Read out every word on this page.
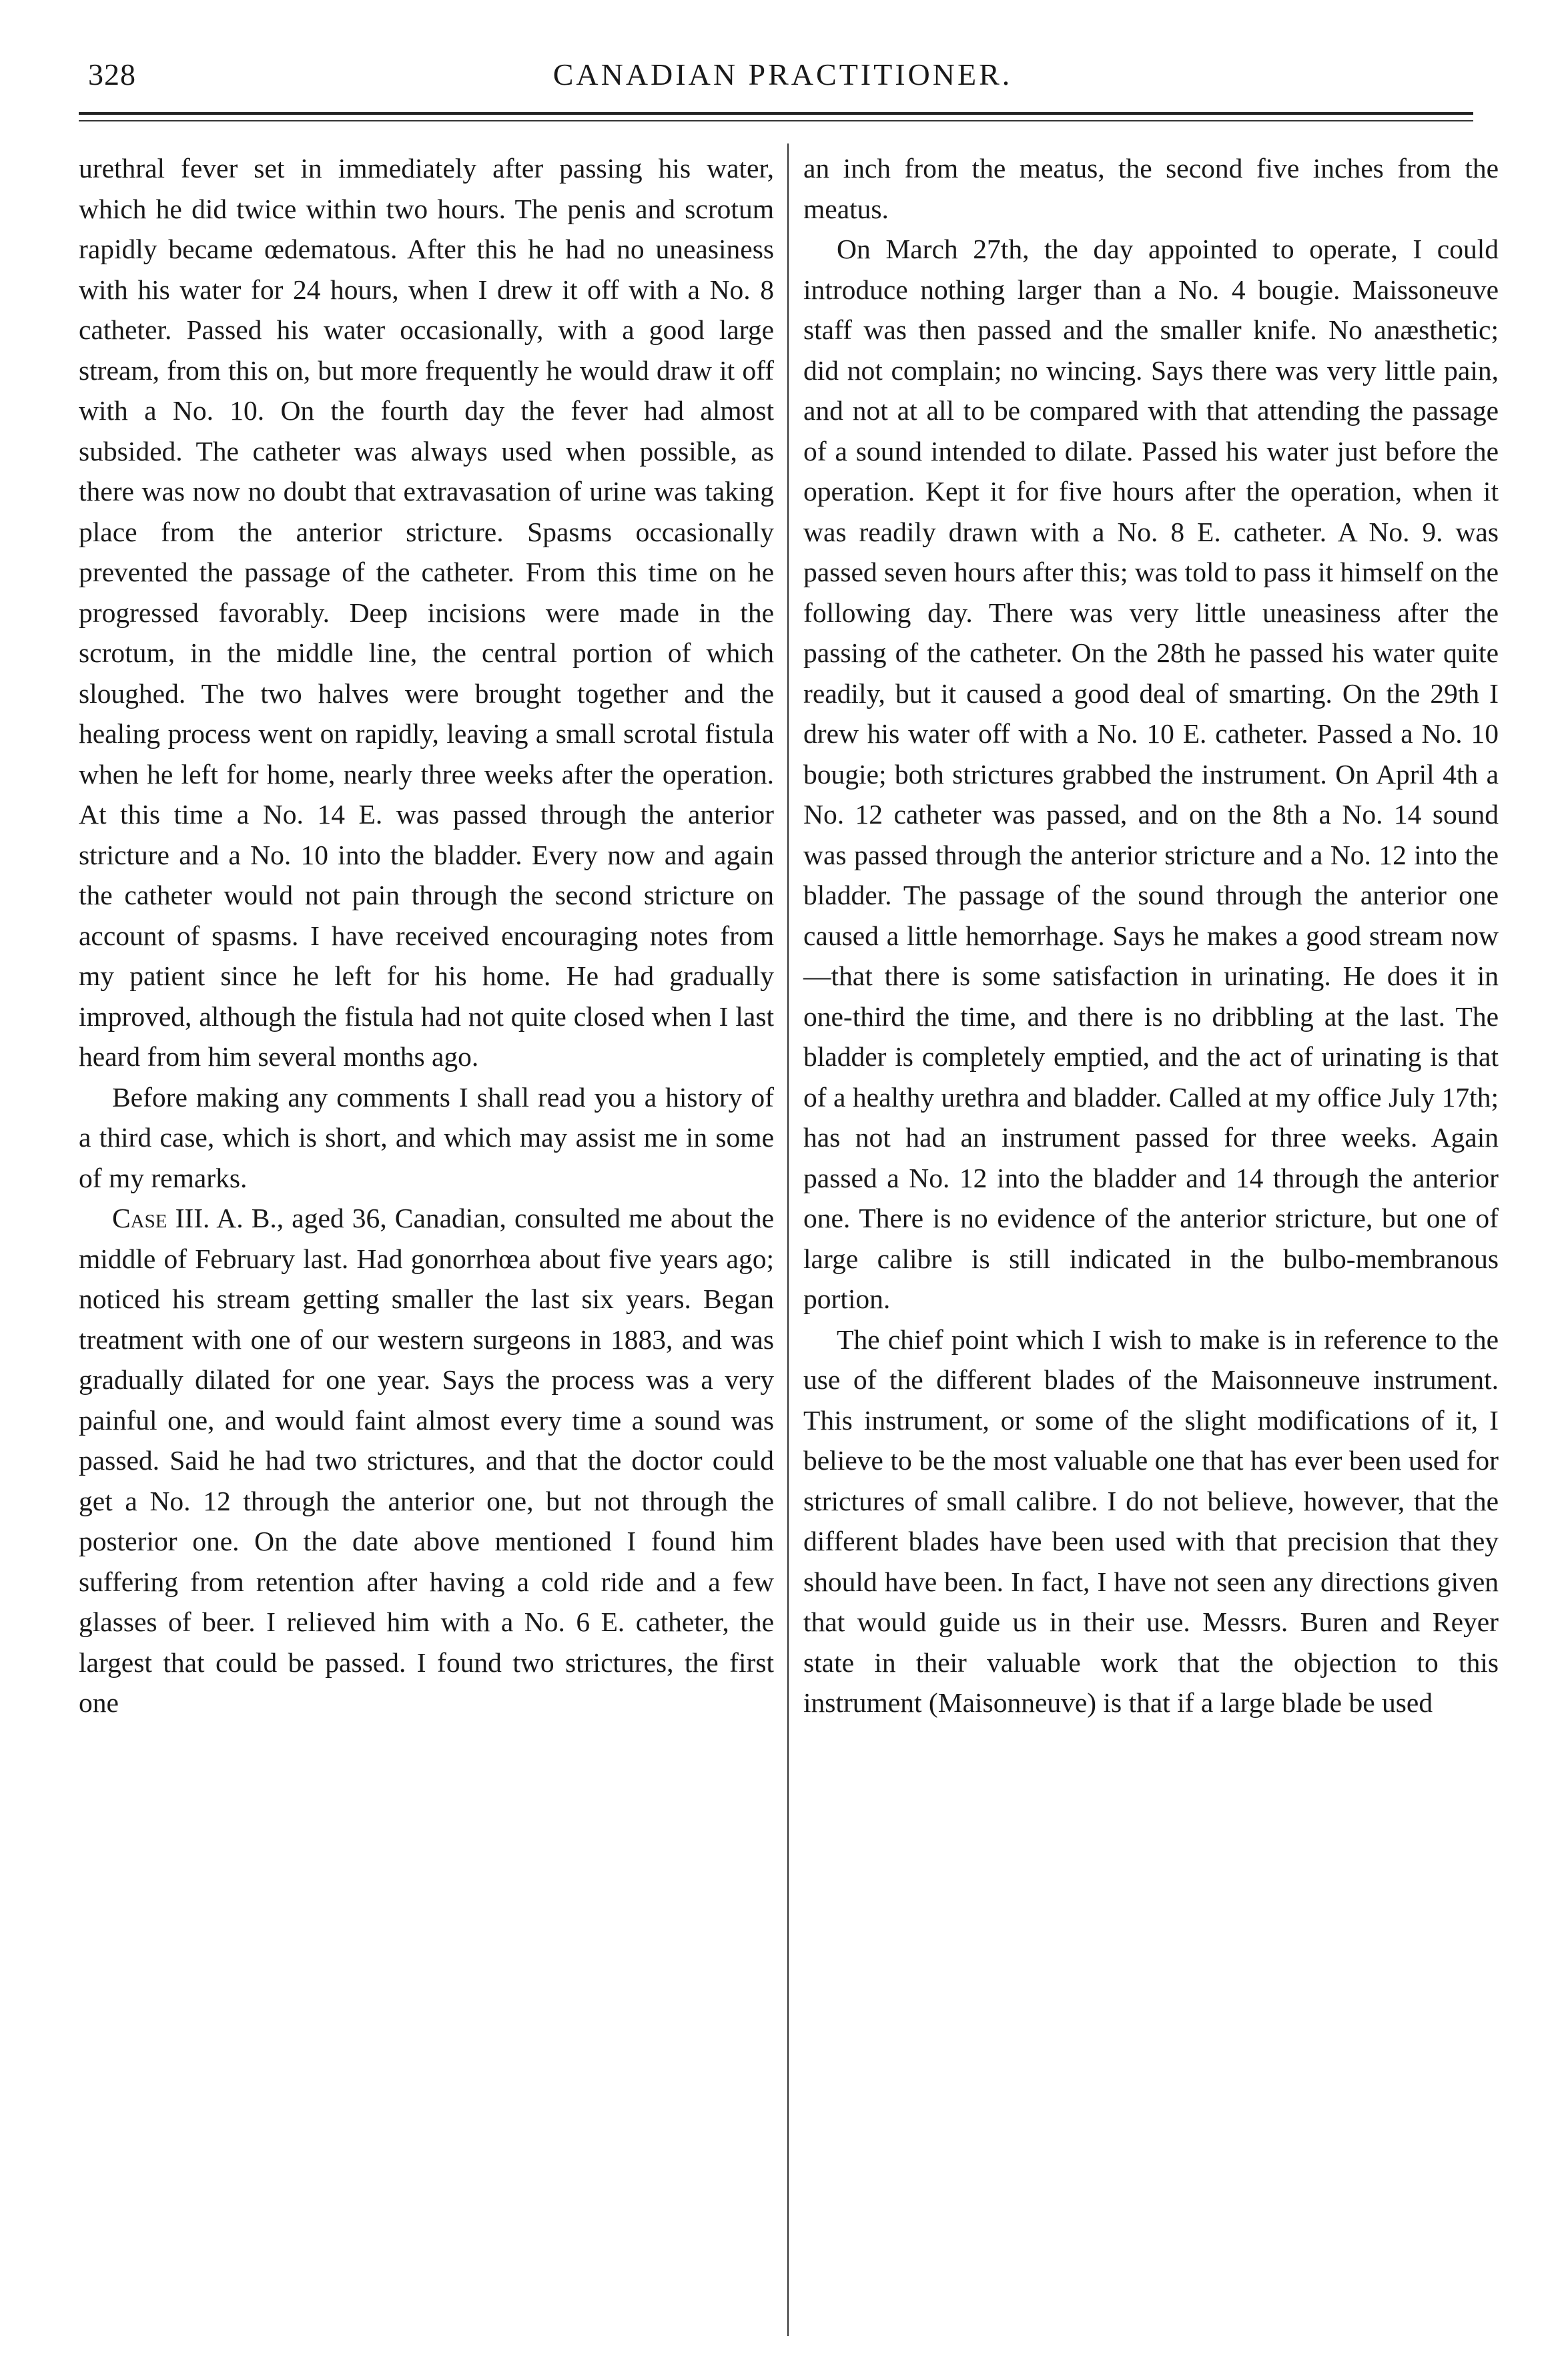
328	CANADIAN PRACTITIONER.

urethral fever set in immediately after passing his water, which he did twice within two hours. The penis and scrotum rapidly became œdematous. After this he had no uneasiness with his water for 24 hours, when I drew it off with a No. 8 catheter. Passed his water occasionally, with a good large stream, from this on, but more frequently he would draw it off with a No. 10. On the fourth day the fever had almost subsided. The catheter was always used when possible, as there was now no doubt that extravasation of urine was taking place from the anterior stricture. Spasms occasionally prevented the passage of the catheter. From this time on he progressed favorably. Deep incisions were made in the scrotum, in the middle line, the central portion of which sloughed. The two halves were brought together and the healing process went on rapidly, leaving a small scrotal fistula when he left for home, nearly three weeks after the operation. At this time a No. 14 E. was passed through the anterior stricture and a No. 10 into the bladder. Every now and again the catheter would not pain through the second stricture on account of spasms. I have received encouraging notes from my patient since he left for his home. He had gradually improved, although the fistula had not quite closed when I last heard from him several months ago.

Before making any comments I shall read you a history of a third case, which is short, and which may assist me in some of my remarks.

Case III. A. B., aged 36, Canadian, consulted me about the middle of February last. Had gonorrhœa about five years ago; noticed his stream getting smaller the last six years. Began treatment with one of our western surgeons in 1883, and was gradually dilated for one year. Says the process was a very painful one, and would faint almost every time a sound was passed. Said he had two strictures, and that the doctor could get a No. 12 through the anterior one, but not through the posterior one. On the date above mentioned I found him suffering from retention after having a cold ride and a few glasses of beer. I relieved him with a No. 6 E. catheter, the largest that could be passed. I found two strictures, the first one

an inch from the meatus, the second five inches from the meatus.

On March 27th, the day appointed to operate, I could introduce nothing larger than a No. 4 bougie. Maissoneuve staff was then passed and the smaller knife. No anæsthetic; did not complain; no wincing. Says there was very little pain, and not at all to be compared with that attending the passage of a sound intended to dilate. Passed his water just before the operation. Kept it for five hours after the operation, when it was readily drawn with a No. 8 E. catheter. A No. 9. was passed seven hours after this; was told to pass it himself on the following day. There was very little uneasiness after the passing of the catheter. On the 28th he passed his water quite readily, but it caused a good deal of smarting. On the 29th I drew his water off with a No. 10 E. catheter. Passed a No. 10 bougie; both strictures grabbed the instrument. On April 4th a No. 12 catheter was passed, and on the 8th a No. 14 sound was passed through the anterior stricture and a No. 12 into the bladder. The passage of the sound through the anterior one caused a little hemorrhage. Says he makes a good stream now—that there is some satisfaction in urinating. He does it in one-third the time, and there is no dribbling at the last. The bladder is completely emptied, and the act of urinating is that of a healthy urethra and bladder. Called at my office July 17th; has not had an instrument passed for three weeks. Again passed a No. 12 into the bladder and 14 through the anterior one. There is no evidence of the anterior stricture, but one of large calibre is still indicated in the bulbo-membranous portion.

The chief point which I wish to make is in reference to the use of the different blades of the Maisonneuve instrument. This instrument, or some of the slight modifications of it, I believe to be the most valuable one that has ever been used for strictures of small calibre. I do not believe, however, that the different blades have been used with that precision that they should have been. In fact, I have not seen any directions given that would guide us in their use. Messrs. Buren and Reyer state in their valuable work that the objection to this instrument (Maisonneuve) is that if a large blade be used
